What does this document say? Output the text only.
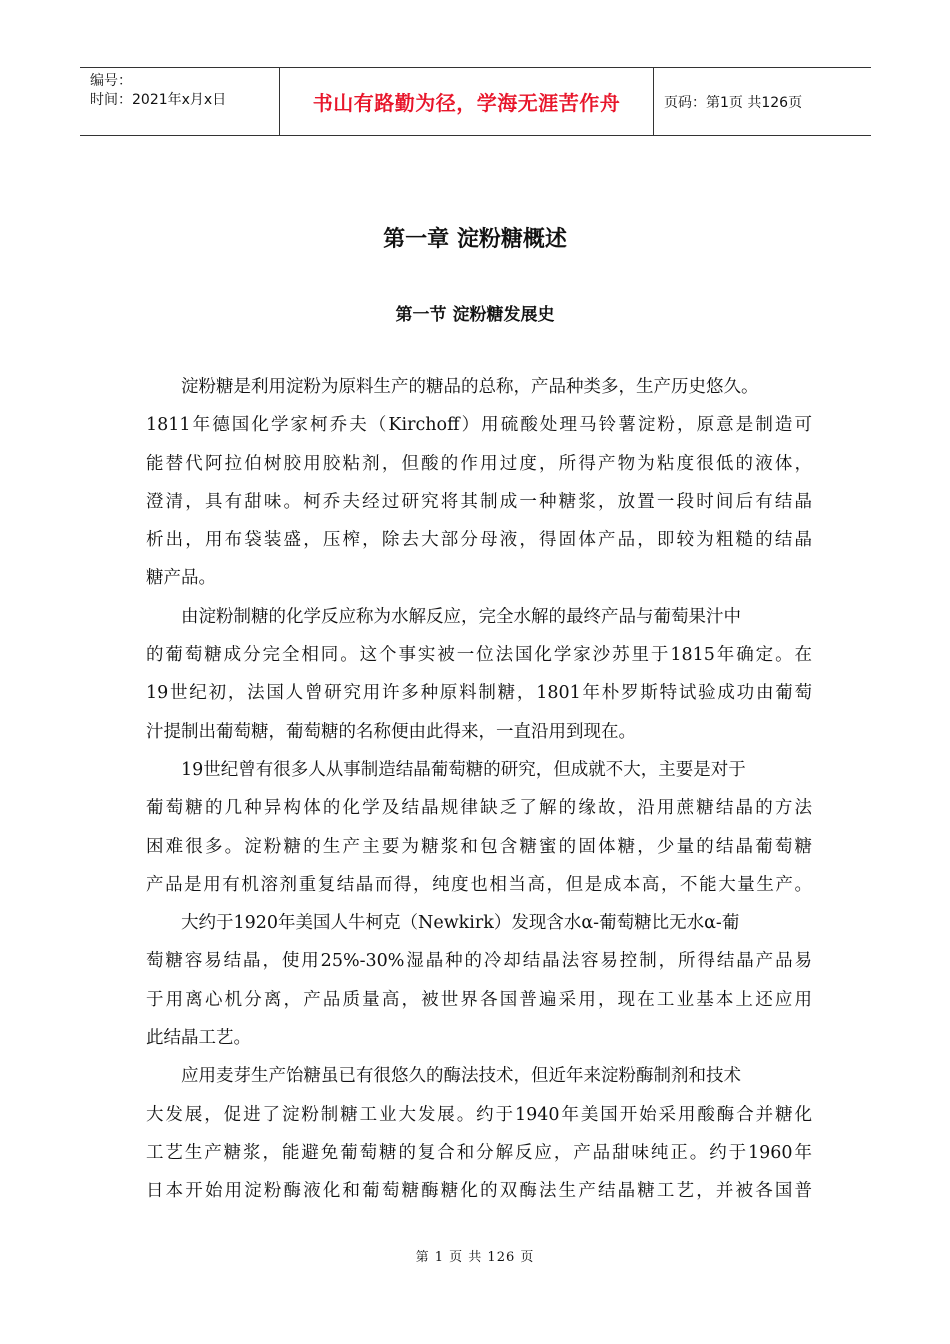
编号：
时间：2021年x月x日	书山有路勤为径，学海无涯苦作舟	页码：第1页 共126页
第一章 淀粉糖概述
第一节 淀粉糖发展史
淀粉糖是利用淀粉为原料生产的糖品的总称，产品种类多，生产历史悠久。
1811年德国化学家柯乔夫（Kirchoff）用硫酸处理马铃薯淀粉，原意是制造可
能替代阿拉伯树胶用胶粘剂，但酸的作用过度，所得产物为粘度很低的液体，
澄清，具有甜味。柯乔夫经过研究将其制成一种糖浆，放置一段时间后有结晶
析出，用布袋装盛，压榨，除去大部分母液，得固体产品，即较为粗糙的结晶
糖产品。
由淀粉制糖的化学反应称为水解反应，完全水解的最终产品与葡萄果汁中
的葡萄糖成分完全相同。这个事实被一位法国化学家沙苏里于1815年确定。在
19世纪初，法国人曾研究用许多种原料制糖，1801年朴罗斯特试验成功由葡萄
汁提制出葡萄糖，葡萄糖的名称便由此得来，一直沿用到现在。
19世纪曾有很多人从事制造结晶葡萄糖的研究，但成就不大，主要是对于
葡萄糖的几种异构体的化学及结晶规律缺乏了解的缘故，沿用蔗糖结晶的方法
困难很多。淀粉糖的生产主要为糖浆和包含糖蜜的固体糖，少量的结晶葡萄糖
产品是用有机溶剂重复结晶而得，纯度也相当高，但是成本高，不能大量生产。
大约于1920年美国人牛柯克（Newkirk）发现含水α-葡萄糖比无水α-葡
萄糖容易结晶，使用25%-30%湿晶种的冷却结晶法容易控制，所得结晶产品易
于用离心机分离，产品质量高，被世界各国普遍采用，现在工业基本上还应用
此结晶工艺。
应用麦芽生产饴糖虽已有很悠久的酶法技术，但近年来淀粉酶制剂和技术
大发展，促进了淀粉制糖工业大发展。约于1940年美国开始采用酸酶合并糖化
工艺生产糖浆，能避免葡萄糖的复合和分解反应，产品甜味纯正。约于1960年
日本开始用淀粉酶液化和葡萄糖酶糖化的双酶法生产结晶糖工艺，并被各国普
第 1 页 共 126 页
